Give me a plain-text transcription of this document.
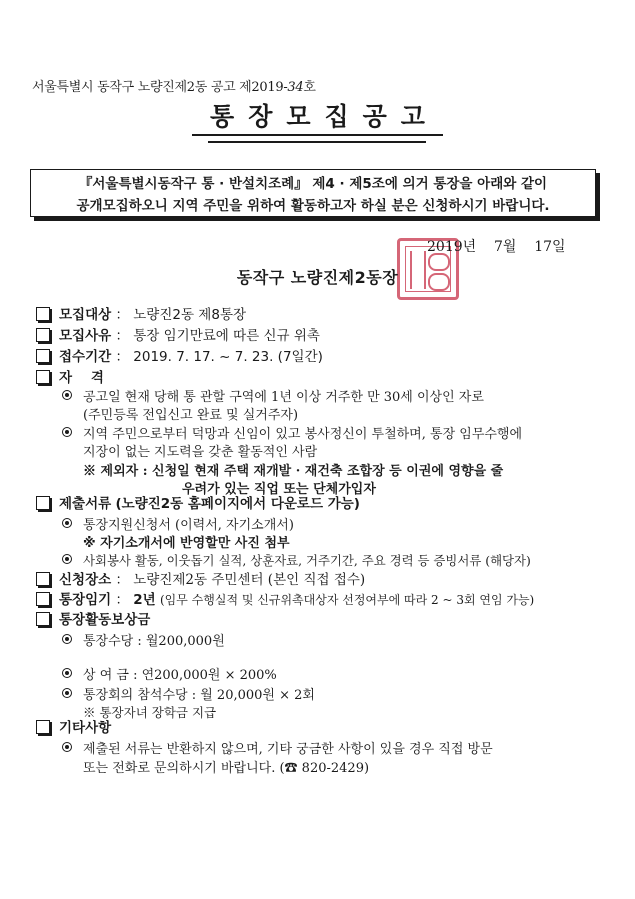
서울특별시 동작구 노량진제2동 공고 제2019-34호
통장모집공고
『서울특별시동작구 통 · 반설치조례』 제4 · 제5조에 의거 통장을 아래와 같이
공개모집하오니 지역 주민을 위하여 활동하고자 하실 분은 신청하시기 바랍니다.
2019년 7월 17일
동작구 노량진제2동장
모집대상 ： 노량진2동 제8통장
모집사유 ： 통장 임기만료에 따른 신규 위촉
접수기간 ： 2019. 7. 17. ~ 7. 23. (7일간)
자    격
공고일 현재 당해 통 관할 구역에 1년 이상 거주한 만 30세 이상인 자로
(주민등록 전입신고 완료 및 실거주자)
지역 주민으로부터 덕망과 신임이 있고 봉사정신이 투철하며, 통장 임무수행에
지장이 없는 지도력을 갖춘 활동적인 사람
※ 제외자 : 신청일 현재 주택 재개발 · 재건축 조합장 등 이권에 영향을 줄
우려가 있는 직업 또는 단체가입자
제출서류 (노량진2동 홈페이지에서 다운로드 가능)
통장지원신청서 (이력서, 자기소개서)
※ 자기소개서에 반영할만 사진 첨부
사회봉사 활동, 이웃돕기 실적, 상훈자료, 거주기간, 주요 경력 등 증빙서류 (해당자)
신청장소 ： 노량진제2동 주민센터 (본인 직접 접수)
통장임기 ： 2년 (임무 수행실적 및 신규위촉대상자 선정여부에 따라 2 ~ 3회 연임 가능)
통장활동보상금
통장수당 : 월200,000원
상 여 금 : 연200,000원 × 200%
통장회의 참석수당 : 월 20,000원 × 2회
※ 통장자녀 장학금 지급
기타사항
제출된 서류는 반환하지 않으며, 기타 궁금한 사항이 있을 경우 직접 방문
또는 전화로 문의하시기 바랍니다. (☎ 820-2429)
